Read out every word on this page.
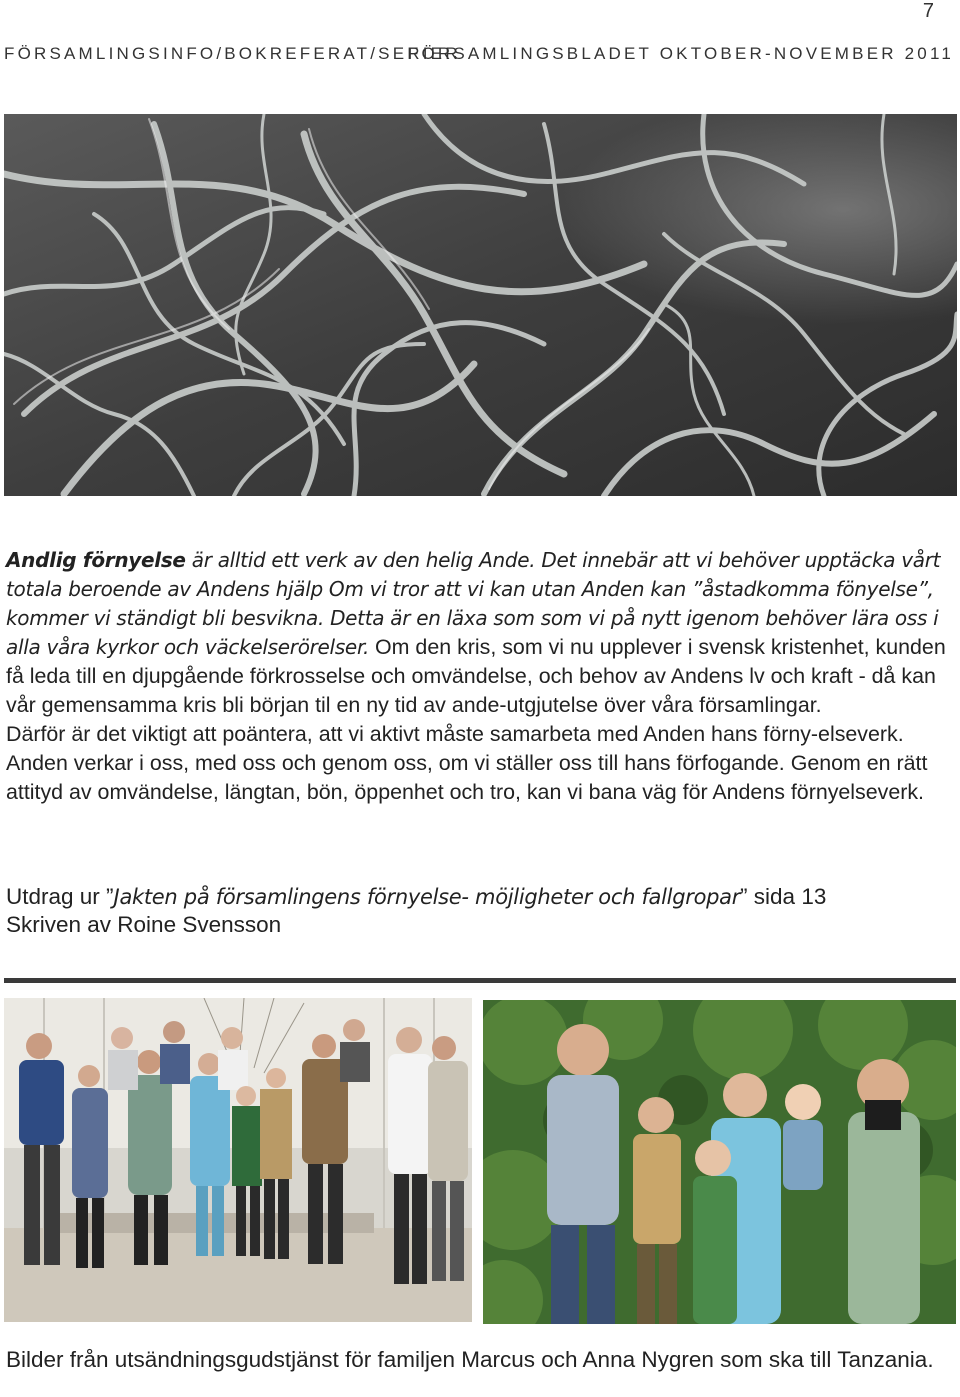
7
FÖRSAMLINGSINFO/BOKREFERAT/SERIER
FÖRSAMLINGSBLADET OKTOBER-NOVEMBER 2011

Andlig förnyelse är alltid ett verk av den helig Ande. Det innebär att vi behöver upptäcka vårt totala beroende av Andens hjälp Om vi tror att vi kan utan Anden kan ”åstadkomma fönyelse”, kommer vi ständigt bli besvikna. Detta är en läxa som som vi på nytt igenom behöver lära oss i alla våra kyrkor och väckelserörelser. Om den kris, som vi nu upplever i svensk kristenhet, kunden få leda till en djupgående förkrosselse och omvändelse, och behov av Andens lv och kraft - då kan vår gemensamma kris bli början til en ny tid av ande-utgjutelse över våra församlingar.

Därför är det viktigt att poäntera, att vi aktivt måste samarbeta med Anden hans förny-elseverk. Anden verkar i oss, med oss och genom oss, om vi ställer oss till hans förfogande. Genom en rätt attityd av omvändelse, längtan, bön, öppenhet och tro, kan vi bana väg för Andens förnyelseverk.

Utdrag ur ”Jakten på församlingens förnyelse- möjligheter och fallgropar” sida 13
Skriven av Roine Svensson
Bilder från utsändningsgudstjänst för familjen Marcus och Anna Nygren som ska till Tanzania.
